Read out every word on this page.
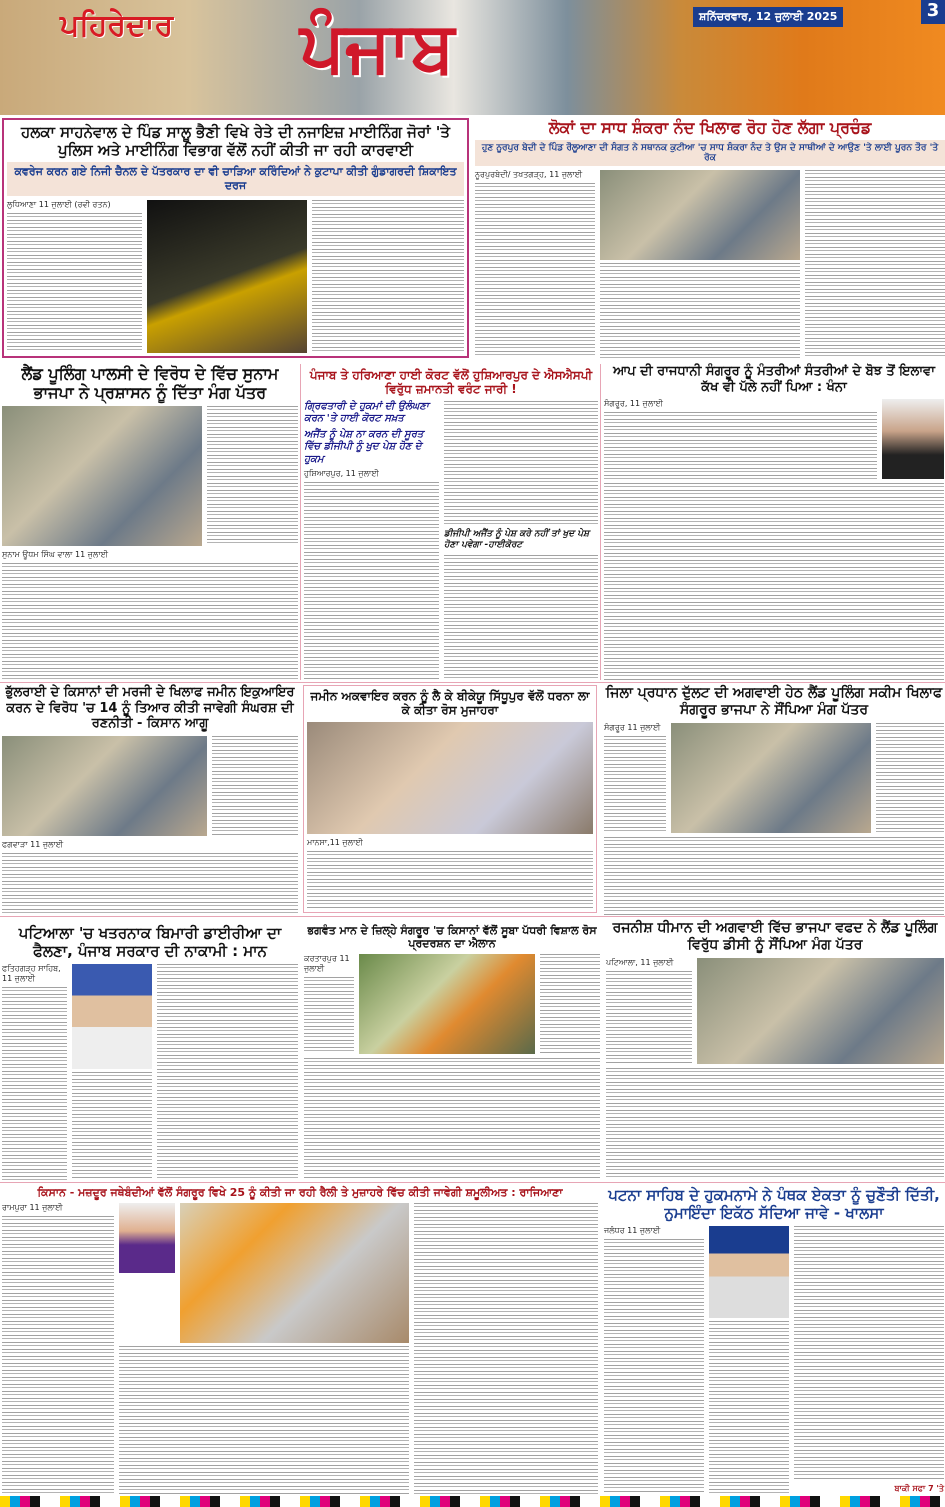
ਪਹਿਰੇਦਾਰ ਪੰਜਾਬ	ਸ਼ਨਿੱਚਰਵਾਰ, 12 ਜੁਲਾਈ 2025	3
ਹਲਕਾ ਸਾਹਨੇਵਾਲ ਦੇ ਪਿੰਡ ਸਾਲੂ ਭੈਣੀ ਵਿਖੇ ਰੇਤੇ ਦੀ ਨਜਾਇਜ਼ ਮਾਈਨਿੰਗ ਜੋਰਾਂ 'ਤੇ ਪੁਲਿਸ ਅਤੇ ਮਾਈਨਿੰਗ ਵਿਭਾਗ ਵੱਲੋਂ ਨਹੀਂ ਕੀਤੀ ਜਾ ਰਹੀ ਕਾਰਵਾਈ
ਕਵਰੇਜ ਕਰਨ ਗਏ ਨਿਜੀ ਚੈਨਲ ਦੇ ਪੱਤਰਕਾਰ ਦਾ ਵੀ ਚਾੜਿਆ ਕਰਿੰਦਿਆਂ ਨੇ ਕੁਟਾਪਾ ਕੀਤੀ ਗੁੰਡਾਗਰਦੀ ਸ਼ਿਕਾਇਤ ਦਰਜ
ਲੁਧਿਆਣਾ 11 ਜੁਲਾਈ (ਰਵੀ ਰਤਨ)
ਲੋਕਾਂ ਦਾ ਸਾਧ ਸ਼ੰਕਰਾ ਨੰਦ ਖਿਲਾਫ ਰੋਹ ਹੋਣ ਲੱਗਾ ਪ੍ਰਚੰਡ
ਹੁਣ ਨੂਰਪੁਰ ਬੇਦੀ ਦੇ ਪਿੰਡ ਰੌਲੂਆਣਾ ਦੀ ਸੰਗਤ ਨੇ ਸਥਾਨਕ ਕੁਟੀਆ 'ਚ ਸਾਧ ਸ਼ੰਕਰਾ ਨੰਦ ਤੇ ਉਸ ਦੇ ਸਾਥੀਆਂ ਦੇ ਆਉਣ 'ਤੇ ਲਾਈ ਪੂਰਨ ਤੌਰ 'ਤੇ ਰੋਕ
ਨੂਰਪੁਰਬੇਦੀ/ ਤਖਤਗੜ੍ਹ, 11 ਜੁਲਾਈ
ਲੈਂਡ ਪੂਲਿੰਗ ਪਾਲਸੀ ਦੇ ਵਿਰੋਧ ਦੇ ਵਿੱਚ ਸੁਨਾਮ ਭਾਜਪਾ ਨੇ ਪ੍ਰਸ਼ਾਸਨ ਨੂੰ ਦਿੱਤਾ ਮੰਗ ਪੱਤਰ
ਸੁਨਾਮ ਊਧਮ ਸਿੰਘ ਵਾਲਾ 11 ਜੁਲਾਈ
ਪੰਜਾਬ ਤੇ ਹਰਿਆਣਾ ਹਾਈ ਕੋਰਟ ਵੱਲੋਂ ਹੁਸ਼ਿਆਰਪੁਰ ਦੇ ਐਸਐਸਪੀ ਵਿਰੁੱਧ ਜ਼ਮਾਨਤੀ ਵਰੰਟ ਜਾਰੀ !
ਗ੍ਰਿਫਤਾਰੀ ਦੇ ਹੁਕਮਾਂ ਦੀ ਉਲੰਘਣਾ ਕਰਨ 'ਤੇ ਹਾਈ ਕੋਰਟ ਸਖ਼ਤ
ਅਜੈਂਤ ਨੂੰ ਪੇਸ਼ ਨਾ ਕਰਨ ਦੀ ਸੂਰਤ ਵਿੱਚ ਡੀਜੀਪੀ ਨੂੰ ਖੁਦ ਪੇਸ਼ ਹੋਣ ਦੇ ਹੁਕਮ
ਹੁਸ਼ਿਆਰਪੁਰ, 11 ਜੁਲਾਈ
ਡੀਜੀਪੀ ਅਜੈਂਤ ਨੂੰ ਪੇਸ਼ ਕਰੇ ਨਹੀਂ ਤਾਂ ਖੁਦ ਪੇਸ਼ ਹੋਣਾ ਪਵੇਗਾ -ਹਾਈਕੋਰਟ
ਆਪ ਦੀ ਰਾਜਧਾਨੀ ਸੰਗਰੂਰ ਨੂੰ ਮੰਤਰੀਆਂ ਸੰਤਰੀਆਂ ਦੇ ਬੋਝ ਤੋਂ ਇਲਾਵਾ ਕੱਖ ਵੀ ਪੱਲੇ ਨਹੀਂ ਪਿਆ : ਖੰਨਾ
ਸੰਗਰੂਰ, 11 ਜੁਲਾਈ
ਭੁੱਲਰਾਈ ਦੇ ਕਿਸਾਨਾਂ ਦੀ ਮਰਜੀ ਦੇ ਖਿਲਾਫ ਜਮੀਨ ਇਕੁਆਇਰ ਕਰਨ ਦੇ ਵਿਰੋਧ 'ਚ 14 ਨੂੰ ਤਿਆਰ ਕੀਤੀ ਜਾਵੇਗੀ ਸੰਘਰਸ਼ ਦੀ ਰਣਨੀਤੀ - ਕਿਸਾਨ ਆਗੂ
ਫਗਵਾੜਾ 11 ਜੁਲਾਈ
ਜਮੀਨ ਅਕਵਾਇਰ ਕਰਨ ਨੂੰ ਲੈ ਕੇ ਬੀਕੇਯੂ ਸਿੱਧੂਪੁਰ ਵੱਲੋਂ ਧਰਨਾ ਲਾ ਕੇ ਕੀਤਾ ਰੋਸ ਮੁਜਾਹਰਾ
ਮਾਨਸਾ,11 ਜੁਲਾਈ
ਜਿਲਾ ਪ੍ਰਧਾਨ ਦੁੱਲਟ ਦੀ ਅਗਵਾਈ ਹੇਠ ਲੈਂਡ ਪੂਲਿੰਗ ਸਕੀਮ ਖਿਲਾਫ ਸੰਗਰੂਰ ਭਾਜਪਾ ਨੇ ਸੌਂਪਿਆ ਮੰਗ ਪੱਤਰ
ਸੰਗਰੂਰ 11 ਜੁਲਾਈ
ਪਟਿਆਲਾ 'ਚ ਖਤਰਨਾਕ ਬਿਮਾਰੀ ਡਾਈਰੀਆ ਦਾ ਫੈਲਣਾ, ਪੰਜਾਬ ਸਰਕਾਰ ਦੀ ਨਾਕਾਮੀ : ਮਾਨ
ਫਤਿਹਗੜ੍ਹ ਸਾਹਿਬ, 11 ਜੁਲਾਈ
ਭਗਵੰਤ ਮਾਨ ਦੇ ਜ਼ਿਲ੍ਹੇ ਸੰਗਰੂਰ 'ਚ ਕਿਸਾਨਾਂ ਵੱਲੋਂ ਸੂਬਾ ਪੱਧਰੀ ਵਿਸ਼ਾਲ ਰੋਸ ਪ੍ਰਦਰਸ਼ਨ ਦਾ ਐਲਾਨ
ਕਰਤਾਰਪੁਰ 11 ਜੁਲਾਈ
ਰਜਨੀਸ਼ ਧੀਮਾਨ ਦੀ ਅਗਵਾਈ ਵਿੱਚ ਭਾਜਪਾ ਵਫਦ ਨੇ ਲੈਂਡ ਪੂਲਿੰਗ ਵਿਰੁੱਧ ਡੀਸੀ ਨੂੰ ਸੌਂਪਿਆ ਮੰਗ ਪੱਤਰ
ਪਟਿਆਲਾ, 11 ਜੁਲਾਈ
ਕਿਸਾਨ - ਮਜ਼ਦੂਰ ਜਥੇਬੰਦੀਆਂ ਵੱਲੋਂ ਸੰਗਰੂਰ ਵਿਖੇ 25 ਨੂੰ ਕੀਤੀ ਜਾ ਰਹੀ ਰੈਲੀ ਤੇ ਮੁਜ਼ਾਹਰੇ ਵਿੱਚ ਕੀਤੀ ਜਾਵੇਗੀ ਸ਼ਮੂਲੀਅਤ : ਰਾਜਿਆਣਾ
ਰਾਮਪੁਰਾ 11 ਜੁਲਾਈ
ਪਟਨਾ ਸਾਹਿਬ ਦੇ ਹੁਕਮਨਾਮੇ ਨੇ ਪੰਥਕ ਏਕਤਾ ਨੂੰ ਚੁਣੌਤੀ ਦਿੱਤੀ, ਨੁਮਾਇੰਦਾ ਇਕੱਠ ਸੱਦਿਆ ਜਾਵੇ - ਖਾਲਸਾ
ਜਲੰਧਰ 11 ਜੁਲਾਈ
ਬਾਕੀ ਸਫਾ 7 'ਤੇ
